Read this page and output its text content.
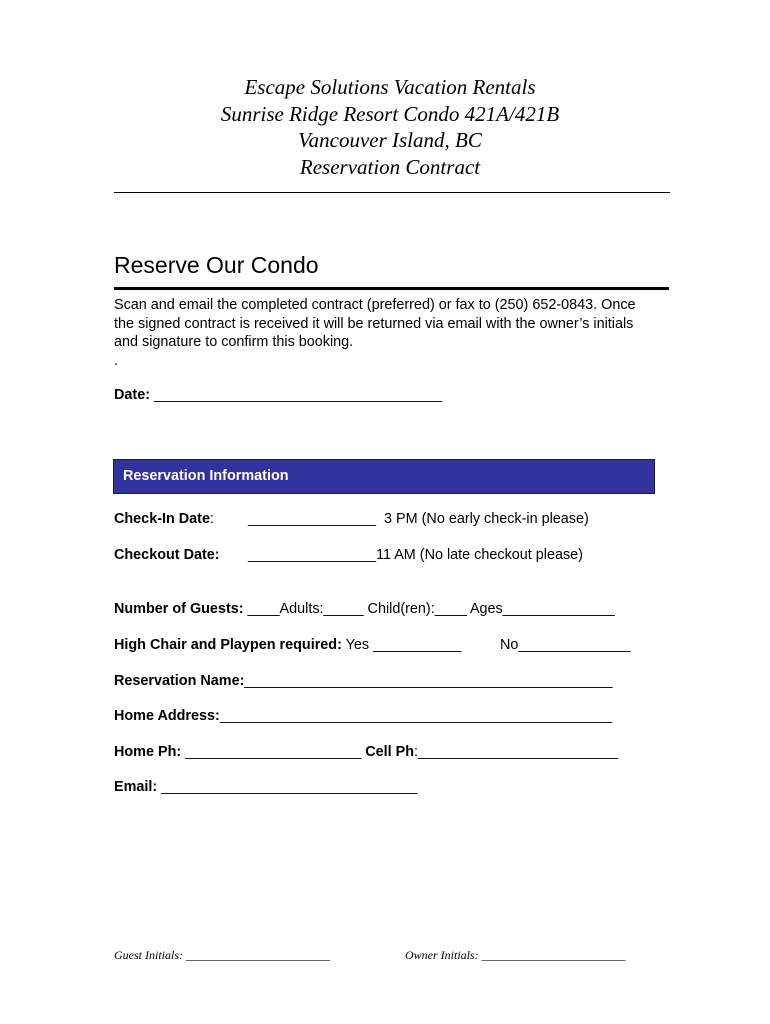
Escape Solutions Vacation Rentals
Sunrise Ridge Resort Condo 421A/421B
Vancouver Island, BC
Reservation Contract
Reserve Our Condo
Scan and email the completed contract (preferred) or fax to (250) 652-0843. Once
the signed contract is received it will be returned via email with the owner’s initials
and signature to confirm this booking.
.
Date: ____________________________________
Reservation Information
Check-In Date: ________________  3 PM (No early check-in please)
Checkout Date: ________________11 AM (No late checkout please)
Number of Guests: ____Adults:_____ Child(ren):____ Ages______________
High Chair and Playpen required: Yes ___________	No______________
Reservation Name:______________________________________________
Home Address:_________________________________________________
Home Ph: ______________________ Cell Ph:_________________________
Email: ________________________________
Guest Initials: ________________________	Owner Initials: ________________________
